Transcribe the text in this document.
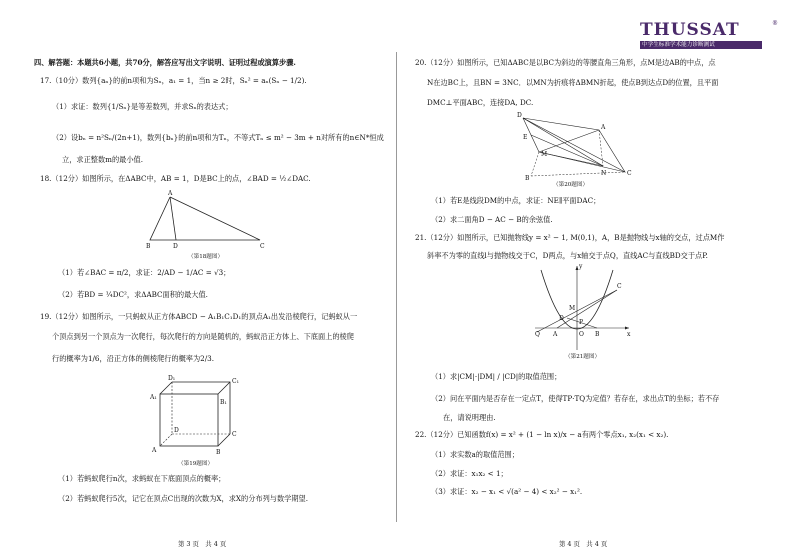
THUSSAT	®
中学生标准学术能力诊断测试
四、解答题：本题共6小题，共70分，解答应写出文字说明、证明过程或演算步骤.
17.（10分）数列{aₙ}的前n项和为Sₙ，a₁ = 1，当n ≥ 2时，Sₙ² = aₙ(Sₙ − 1/2).
（1）求证：数列{1/Sₙ}是等差数列，并求Sₙ的表达式；
（2）设bₙ = n²Sₙ/(2n+1)，数列{bₙ}的前n项和为Tₙ，不等式Tₙ ≤ m² − 3m + n对所有的n∈N*恒成
立，求正整数m的最小值.
18.（12分）如图所示，在ΔABC中，AB = 1，D是BC上的点，∠BAD = ½∠DAC.
A
B	D	C
（第18题图）
（1）若∠BAC = π/2，求证：2/AD − 1/AC = √3；
（2）若BD = ¼DC²，求ΔABC面积的最大值.
19.（12分）如图所示，一只蚂蚁从正方体ABCD − A₁B₁C₁D₁的顶点A₁出发沿棱爬行，记蚂蚁从一
个顶点到另一个顶点为一次爬行，每次爬行的方向是随机的，蚂蚁沿正方体上、下底面上的棱爬
行的概率为1/6，沿正方体的侧棱爬行的概率为2/3.
D₁	C₁
A₁
B₁
D
C
A	B
（第19题图）
（1）若蚂蚁爬行n次，求蚂蚁在下底面顶点的概率；
（2）若蚂蚁爬行5次，记它在顶点C出现的次数为X，求X的分布列与数学期望.
第 3 页　共 4 页
20.（12分）如图所示，已知ΔABC是以BC为斜边的等腰直角三角形，点M是边AB的中点，点
N在边BC上，且BN = 3NC．以MN为折痕将ΔBMN折起，使点B到达点D的位置，且平面
DMC⊥平面ABC，连接DA, DC.
D
A
E
M
B
N	C
（第20题图）
（1）若E是线段DM的中点，求证：NE∥平面DAC；
（2）求二面角D − AC − B的余弦值.
21.（12分）如图所示，已知抛物线y = x² − 1, M(0,1)，A，B是抛物线与x轴的交点，过点M作
斜率不为零的直线l与抛物线交于C，D两点，与x轴交于点Q，直线AC与直线BD交于点P.
y
x
M
C
D
P
Q A	O B
（第21题图）
（1）求|CM|·|DM| / |CD|的取值范围；
（2）问在平面内是否存在一定点T，使得TP·TQ为定值？若存在，求出点T的坐标；若不存
在，请说明理由.
22.（12分）已知函数f(x) = x² + (1 − ln x)/x − a有两个零点x₁, x₂(x₁ < x₂).
（1）求实数a的取值范围；
（2）求证：x₁x₂ < 1；
（3）求证：x₂ − x₁ < √(a² − 4) < x₂² − x₁².
第 4 页　共 4 页
